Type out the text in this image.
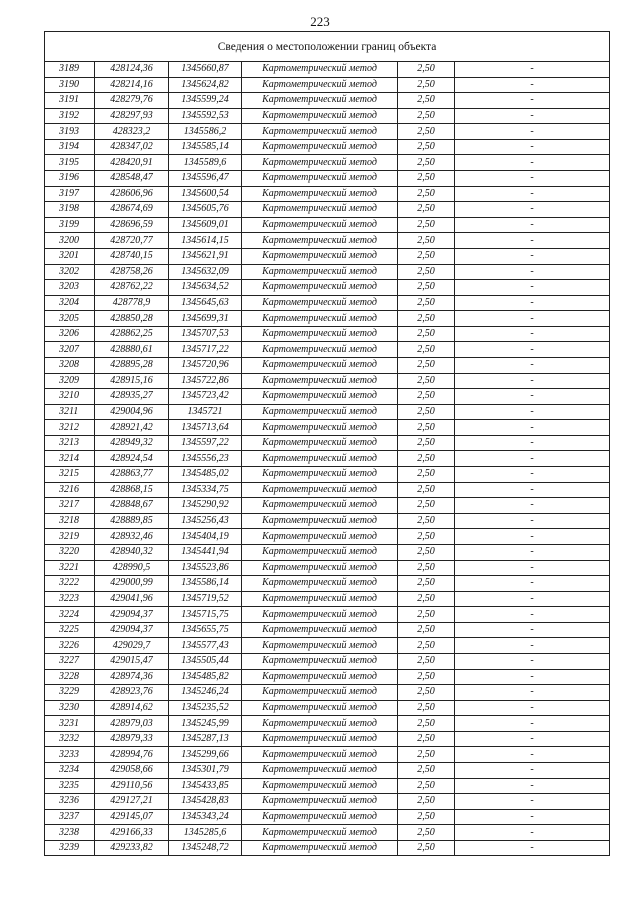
223
Сведения о местоположении границ объекта					
3189	428124,36	1345660,87	Картометрический метод	2,50	-
3190	428214,16	1345624,82	Картометрический метод	2,50	-
3191	428279,76	1345599,24	Картометрический метод	2,50	-
3192	428297,93	1345592,53	Картометрический метод	2,50	-
3193	428323,2	1345586,2	Картометрический метод	2,50	-
3194	428347,02	1345585,14	Картометрический метод	2,50	-
3195	428420,91	1345589,6	Картометрический метод	2,50	-
3196	428548,47	1345596,47	Картометрический метод	2,50	-
3197	428606,96	1345600,54	Картометрический метод	2,50	-
3198	428674,69	1345605,76	Картометрический метод	2,50	-
3199	428696,59	1345609,01	Картометрический метод	2,50	-
3200	428720,77	1345614,15	Картометрический метод	2,50	-
3201	428740,15	1345621,91	Картометрический метод	2,50	-
3202	428758,26	1345632,09	Картометрический метод	2,50	-
3203	428762,22	1345634,52	Картометрический метод	2,50	-
3204	428778,9	1345645,63	Картометрический метод	2,50	-
3205	428850,28	1345699,31	Картометрический метод	2,50	-
3206	428862,25	1345707,53	Картометрический метод	2,50	-
3207	428880,61	1345717,22	Картометрический метод	2,50	-
3208	428895,28	1345720,96	Картометрический метод	2,50	-
3209	428915,16	1345722,86	Картометрический метод	2,50	-
3210	428935,27	1345723,42	Картометрический метод	2,50	-
3211	429004,96	1345721	Картометрический метод	2,50	-
3212	428921,42	1345713,64	Картометрический метод	2,50	-
3213	428949,32	1345597,22	Картометрический метод	2,50	-
3214	428924,54	1345556,23	Картометрический метод	2,50	-
3215	428863,77	1345485,02	Картометрический метод	2,50	-
3216	428868,15	1345334,75	Картометрический метод	2,50	-
3217	428848,67	1345290,92	Картометрический метод	2,50	-
3218	428889,85	1345256,43	Картометрический метод	2,50	-
3219	428932,46	1345404,19	Картометрический метод	2,50	-
3220	428940,32	1345441,94	Картометрический метод	2,50	-
3221	428990,5	1345523,86	Картометрический метод	2,50	-
3222	429000,99	1345586,14	Картометрический метод	2,50	-
3223	429041,96	1345719,52	Картометрический метод	2,50	-
3224	429094,37	1345715,75	Картометрический метод	2,50	-
3225	429094,37	1345655,75	Картометрический метод	2,50	-
3226	429029,7	1345577,43	Картометрический метод	2,50	-
3227	429015,47	1345505,44	Картометрический метод	2,50	-
3228	428974,36	1345485,82	Картометрический метод	2,50	-
3229	428923,76	1345246,24	Картометрический метод	2,50	-
3230	428914,62	1345235,52	Картометрический метод	2,50	-
3231	428979,03	1345245,99	Картометрический метод	2,50	-
3232	428979,33	1345287,13	Картометрический метод	2,50	-
3233	428994,76	1345299,66	Картометрический метод	2,50	-
3234	429058,66	1345301,79	Картометрический метод	2,50	-
3235	429110,56	1345433,85	Картометрический метод	2,50	-
3236	429127,21	1345428,83	Картометрический метод	2,50	-
3237	429145,07	1345343,24	Картометрический метод	2,50	-
3238	429166,33	1345285,6	Картометрический метод	2,50	-
3239	429233,82	1345248,72	Картометрический метод	2,50	-
